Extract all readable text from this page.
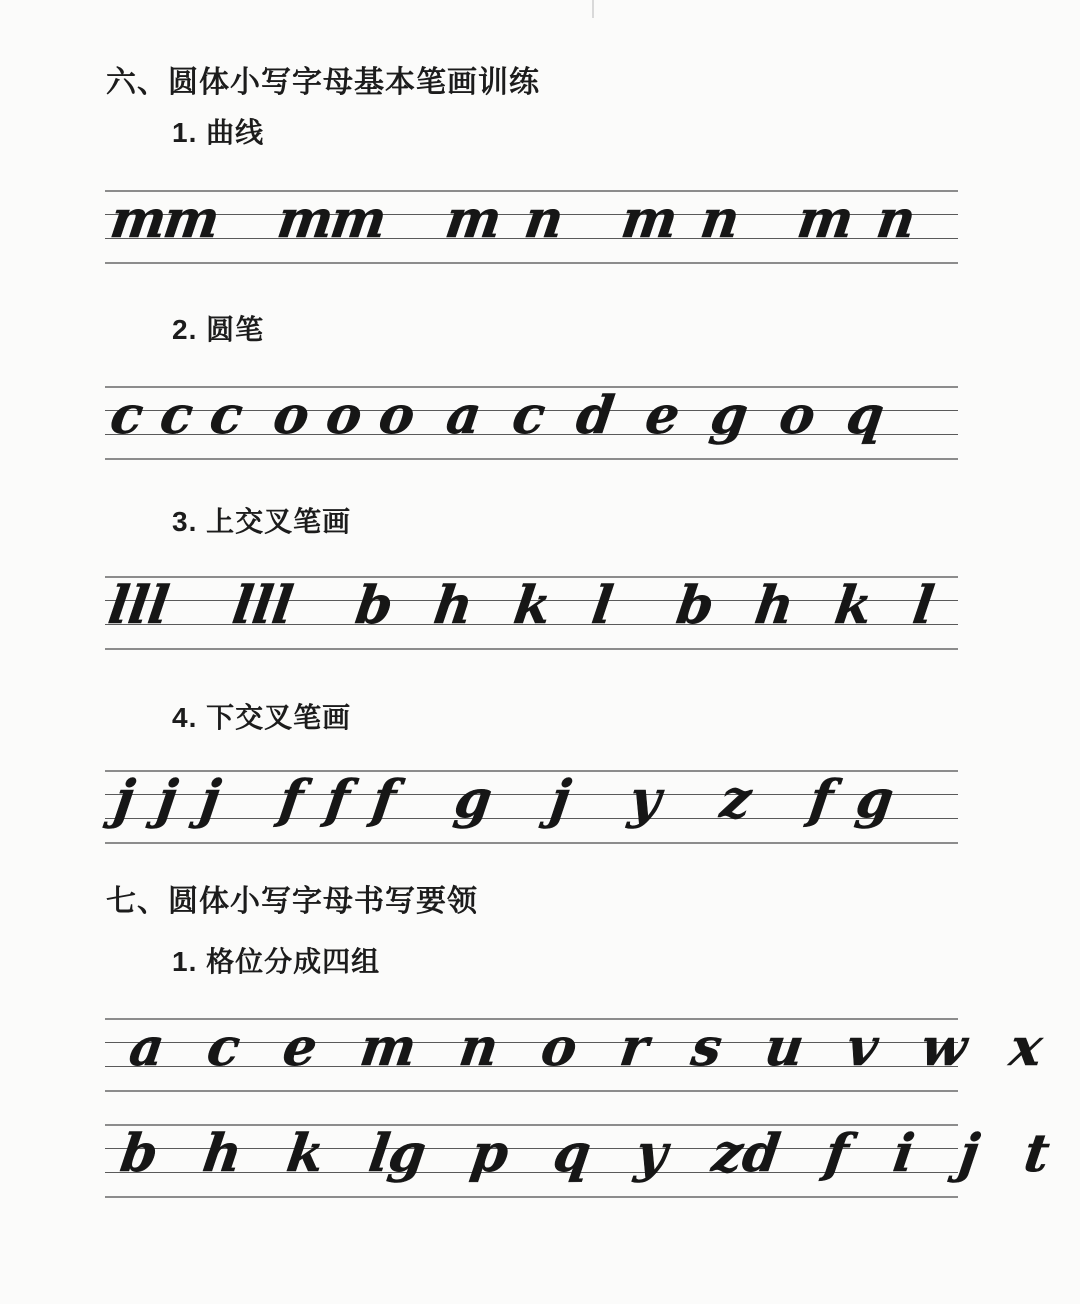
六、圆体小写字母基本笔画训练
1. 曲线
mm mm m n m n m n
2. 圆笔
c c c o o o a c d e g o q
3. 上交叉笔画
lll lll b h k l b h k l
4. 下交叉笔画
j j j f f f g j y z f g
七、圆体小写字母书写要领
1. 格位分成四组
a c e m n o r s u v w x
b h k l
g p q y z
d f i j t
